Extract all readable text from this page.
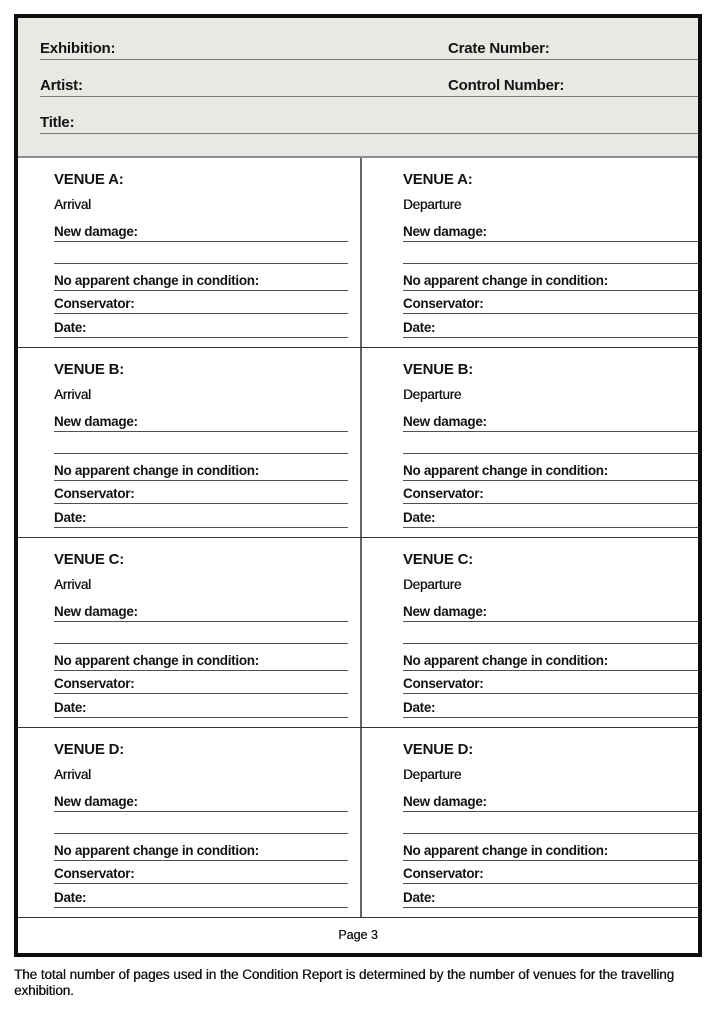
Exhibition:	Crate Number:
Artist:	Control Number:
Title:
VENUE A:
Arrival
New damage:
No apparent change in condition:
Conservator:
Date:
VENUE A:
Departure
New damage:
No apparent change in condition:
Conservator:
Date:
VENUE B:
Arrival
New damage:
No apparent change in condition:
Conservator:
Date:
VENUE B:
Departure
New damage:
No apparent change in condition:
Conservator:
Date:
VENUE C:
Arrival
New damage:
No apparent change in condition:
Conservator:
Date:
VENUE C:
Departure
New damage:
No apparent change in condition:
Conservator:
Date:
VENUE D:
Arrival
New damage:
No apparent change in condition:
Conservator:
Date:
VENUE D:
Departure
New damage:
No apparent change in condition:
Conservator:
Date:
Page 3
The total number of pages used in the Condition Report is determined by the number of venues for the travelling exhibition.
